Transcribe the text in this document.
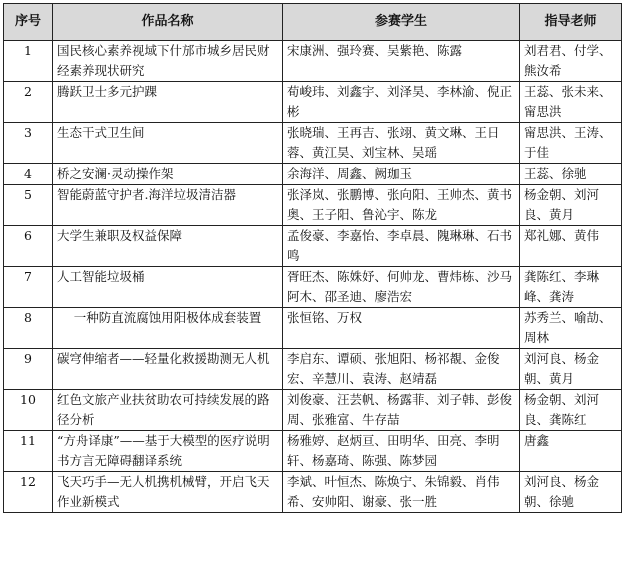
序号	作品名称	参赛学生	指导老师
1	国民核心素养视域下什邡市城乡居民财经素养现状研究	宋康洲、强玲赛、吴紫艳、陈露	刘君君、付学、熊汝希
2	腾跃卫士多元护踝	荀峻玮、刘鑫宇、刘泽昊、李林渝、倪正彬	王蕊、张未来、甯思洪
3	生态干式卫生间	张晓瑞、王再吉、张翊、黄文琳、王日蓉、黄江昊、刘宝林、吴瑶	甯思洪、王涛、于佳
4	桥之安澜·灵动操作架	余海洋、周鑫、阙珈玉	王蕊、徐驰
5	智能蔚蓝守护者.海洋垃圾清洁器	张泽岚、张鹏博、张向阳、王帅杰、黄书奥、王子阳、鲁沁宇、陈龙	杨金朝、刘河良、黄月
6	大学生兼职及权益保障	孟俊豪、李嘉怡、李卓晨、隗琳琳、石书鸣	郑礼娜、黄伟
7	人工智能垃圾桶	胥旺杰、陈姝妤、何帅龙、曹炜栋、沙马阿木、邵圣迪、廖浩宏	龚陈红、李琳峰、龚涛
8	一种防直流腐蚀用阳极体成套装置	张恒铭、万权	苏秀兰、喻劼、周林
9	碳穹伸缩者——轻量化救援勘测无人机	李启东、谭硕、张旭阳、杨祁覩、金俊宏、辛慧川、袁涛、赵靖磊	刘河良、杨金朝、黄月
10	红色文旅产业扶贫助农可持续发展的路径分析	刘俊豪、汪芸帆、杨露菲、刘子韩、彭俊周、张雅富、牛存喆	杨金朝、刘河良、龚陈红
11	“方舟译康”——基于大模型的医疗说明书方言无障碍翻译系统	杨雅婷、赵炳亘、田明华、田亮、李明轩、杨嘉琦、陈强、陈梦园	唐鑫
12	飞天巧手—无人机携机械臂，开启飞天作业新模式	李斌、叶恒杰、陈焕宁、朱锦毅、肖伟希、安帅阳、谢豪、张一胜	刘河良、杨金朝、徐驰
